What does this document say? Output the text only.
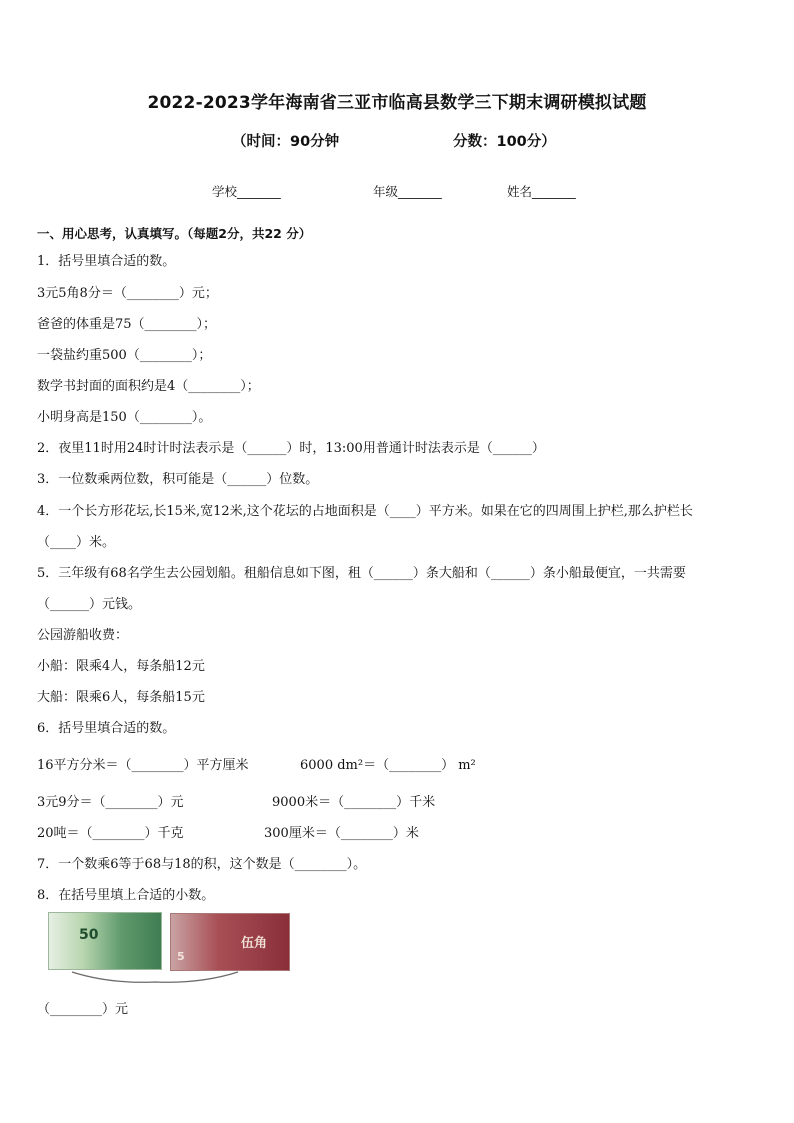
2022-2023学年海南省三亚市临高县数学三下期末调研模拟试题
（时间：90分钟	分数：100分）
学校_______	年级_______	姓名_______
一、用心思考，认真填写。（每题2分，共22 分）
1．括号里填合适的数。
3元5角8分＝（________）元；
爸爸的体重是75（________）；
一袋盐约重500（________）；
数学书封面的面积约是4（________）；
小明身高是150（________）。
2．夜里11时用24时计时法表示是（______）时，13:00用普通计时法表示是（______）
3．一位数乘两位数，积可能是（______）位数。
4．一个长方形花坛,长15米,宽12米,这个花坛的占地面积是（____）平方米。如果在它的四周围上护栏,那么护栏长
（____）米。
5．三年级有68名学生去公园划船。租船信息如下图，租（______）条大船和（______）条小船最便宜，一共需要
（______）元钱。
公园游船收费：
小船：限乘4人，每条船12元
大船：限乘6人，每条船15元
6．括号里填合适的数。
16平方分米＝（________）平方厘米	6000 dm²＝（________） m²
3元9分＝（________）元	9000米＝（________）千米
20吨＝（________）千克	300厘米＝（________）米
7．一个数乘6等于68与18的积，这个数是（________）。
8．在括号里填上合适的小数。
50
伍角
5
（________）元
